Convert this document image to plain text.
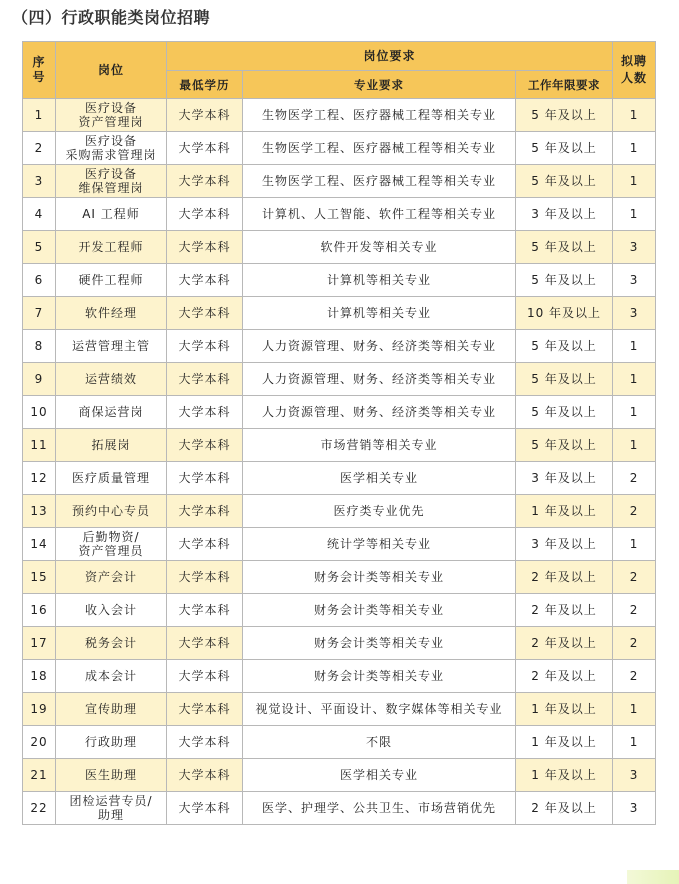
（四）行政职能类岗位招聘
序号	岗位	岗位要求			拟聘人数
		最低学历	专业要求	工作年限要求	

1	医疗设备
资产管理岗	大学本科	生物医学工程、医疗器械工程等相关专业	5 年及以上	1

2	医疗设备
采购需求管理岗	大学本科	生物医学工程、医疗器械工程等相关专业	5 年及以上	1

3	医疗设备
维保管理岗	大学本科	生物医学工程、医疗器械工程等相关专业	5 年及以上	1

4	AI 工程师	大学本科	计算机、人工智能、软件工程等相关专业	3 年及以上	1

5	开发工程师	大学本科	软件开发等相关专业	5 年及以上	3

6	硬件工程师	大学本科	计算机等相关专业	5 年及以上	3

7	软件经理	大学本科	计算机等相关专业	10 年及以上	3

8	运营管理主管	大学本科	人力资源管理、财务、经济类等相关专业	5 年及以上	1

9	运营绩效	大学本科	人力资源管理、财务、经济类等相关专业	5 年及以上	1

10	商保运营岗	大学本科	人力资源管理、财务、经济类等相关专业	5 年及以上	1

11	拓展岗	大学本科	市场营销等相关专业	5 年及以上	1

12	医疗质量管理	大学本科	医学相关专业	3 年及以上	2

13	预约中心专员	大学本科	医疗类专业优先	1 年及以上	2

14	后勤物资/
资产管理员	大学本科	统计学等相关专业	3 年及以上	1

15	资产会计	大学本科	财务会计类等相关专业	2 年及以上	2

16	收入会计	大学本科	财务会计类等相关专业	2 年及以上	2

17	税务会计	大学本科	财务会计类等相关专业	2 年及以上	2

18	成本会计	大学本科	财务会计类等相关专业	2 年及以上	2

19	宣传助理	大学本科	视觉设计、平面设计、数字媒体等相关专业	1 年及以上	1

20	行政助理	大学本科	不限	1 年及以上	1

21	医生助理	大学本科	医学相关专业	1 年及以上	3

22	团检运营专员/
助理	大学本科	医学、护理学、公共卫生、市场营销优先	2 年及以上	3
